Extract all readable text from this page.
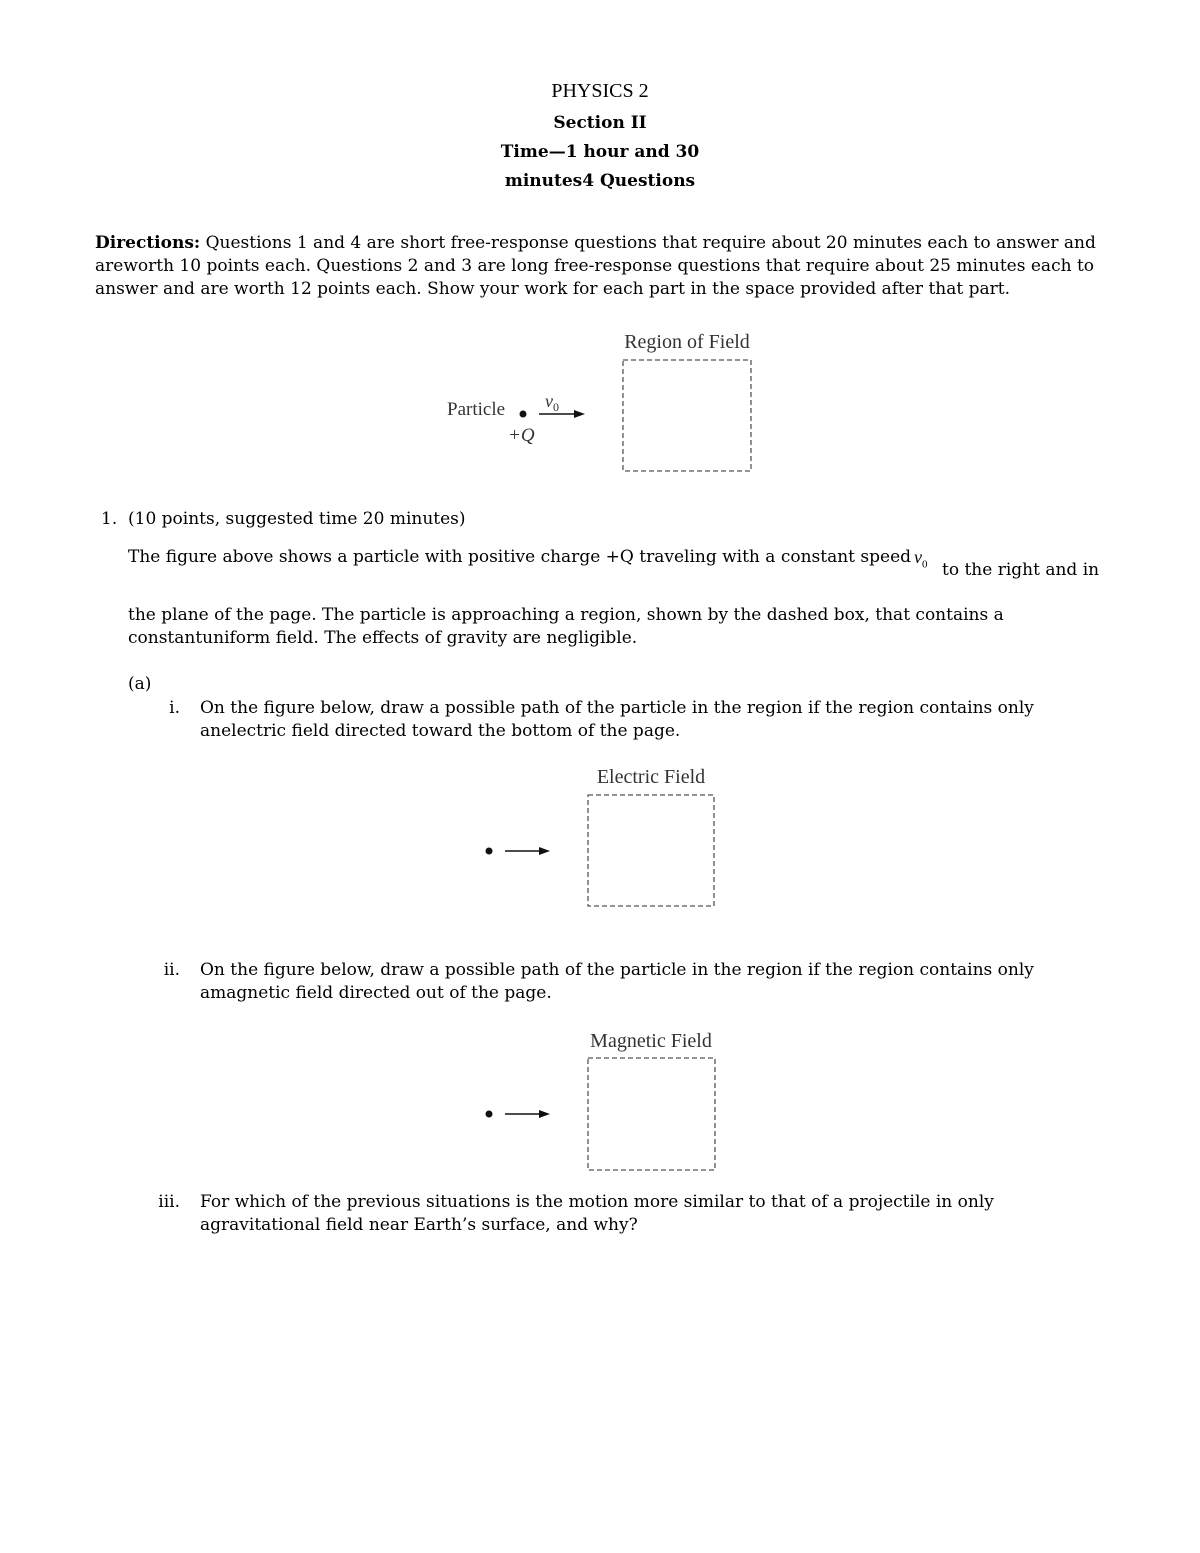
PHYSICS 2
Section II
Time—1 hour and 30
minutes4 Questions
Directions: Questions 1 and 4 are short free-response questions that require about 20 minutes each to answer and
areworth 10 points each. Questions 2 and 3 are long free-response questions that require about 25 minutes each to
answer and are worth 12 points each. Show your work for each part in the space provided after that part.
Region of Field
Particle
+Q
$v_0$
1. (10 points, suggested time 20 minutes)
The figure above shows a particle with positive charge +Q traveling with a constant speed $v_0$ to the right and in
the plane of the page. The particle is approaching a region, shown by the dashed box, that contains a
constantuniform field. The effects of gravity are negligible.
(a)
i. On the figure below, draw a possible path of the particle in the region if the region contains only
anelectric field directed toward the bottom of the page.
Electric Field
ii. On the figure below, draw a possible path of the particle in the region if the region contains only
amagnetic field directed out of the page.
Magnetic Field
iii. For which of the previous situations is the motion more similar to that of a projectile in only
agravitational field near Earth’s surface, and why?
